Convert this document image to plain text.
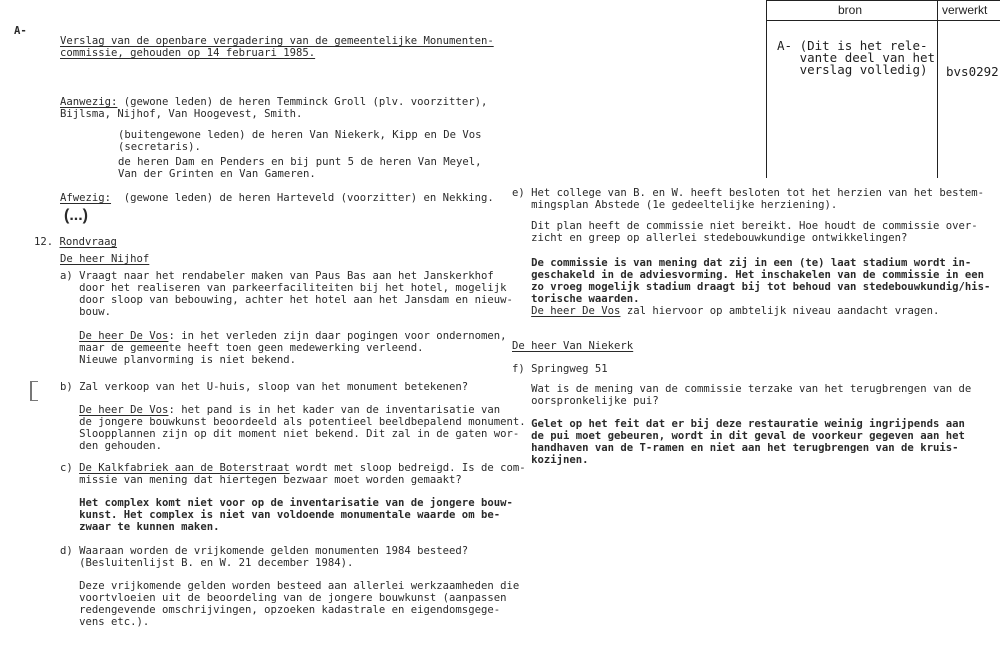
bron	verwerkt
A- (Dit is het rele-
vante deel van het
verslag volledig)	bvs0292
A-
Verslag van de openbare vergadering van de gemeentelijke Monumenten-
commissie, gehouden op 14 februari 1985.
Aanwezig: (gewone leden) de heren Temminck Groll (plv. voorzitter),
Bijlsma, Nijhof, Van Hoogevest, Smith.
(buitengewone leden) de heren Van Niekerk, Kipp en De Vos
(secretaris).
de heren Dam en Penders en bij punt 5 de heren Van Meyel,
Van der Grinten en Van Gameren.
Afwezig:  (gewone leden) de heren Harteveld (voorzitter) en Nekking.
(...)
12. Rondvraag
De heer Nijhof
a) Vraagt naar het rendabeler maken van Paus Bas aan het Janskerkhof
door het realiseren van parkeerfaciliteiten bij het hotel, mogelijk
door sloop van bebouwing, achter het hotel aan het Jansdam en nieuw-
bouw.
De heer De Vos: in het verleden zijn daar pogingen voor ondernomen,
maar de gemeente heeft toen geen medewerking verleend.
Nieuwe planvorming is niet bekend.
b) Zal verkoop van het U-huis, sloop van het monument betekenen?
De heer De Vos: het pand is in het kader van de inventarisatie van
de jongere bouwkunst beoordeeld als potentieel beeldbepalend monument.
Sloopplannen zijn op dit moment niet bekend. Dit zal in de gaten wor-
den gehouden.
c) De Kalkfabriek aan de Boterstraat wordt met sloop bedreigd. Is de com-
missie van mening dat hiertegen bezwaar moet worden gemaakt?
Het complex komt niet voor op de inventarisatie van de jongere bouw-
kunst. Het complex is niet van voldoende monumentale waarde om be-
zwaar te kunnen maken.
d) Waaraan worden de vrijkomende gelden monumenten 1984 besteed?
(Besluitenlijst B. en W. 21 december 1984).
Deze vrijkomende gelden worden besteed aan allerlei werkzaamheden die
voortvloeien uit de beoordeling van de jongere bouwkunst (aanpassen
redengevende omschrijvingen, opzoeken kadastrale en eigendomsgege-
vens etc.).
e) Het college van B. en W. heeft besloten tot het herzien van het bestem-
mingsplan Abstede (1e gedeeltelijke herziening).
Dit plan heeft de commissie niet bereikt. Hoe houdt de commissie over-
zicht en greep op allerlei stedebouwkundige ontwikkelingen?
De commissie is van mening dat zij in een (te) laat stadium wordt in-
geschakeld in de adviesvorming. Het inschakelen van de commissie in een
zo vroeg mogelijk stadium draagt bij tot behoud van stedebouwkundig/his-
torische waarden.
De heer De Vos zal hiervoor op ambtelijk niveau aandacht vragen.
De heer Van Niekerk
f) Springweg 51
Wat is de mening van de commissie terzake van het terugbrengen van de
oorspronkelijke pui?
Gelet op het feit dat er bij deze restauratie weinig ingrijpends aan
de pui moet gebeuren, wordt in dit geval de voorkeur gegeven aan het
handhaven van de T-ramen en niet aan het terugbrengen van de kruis-
kozijnen.
